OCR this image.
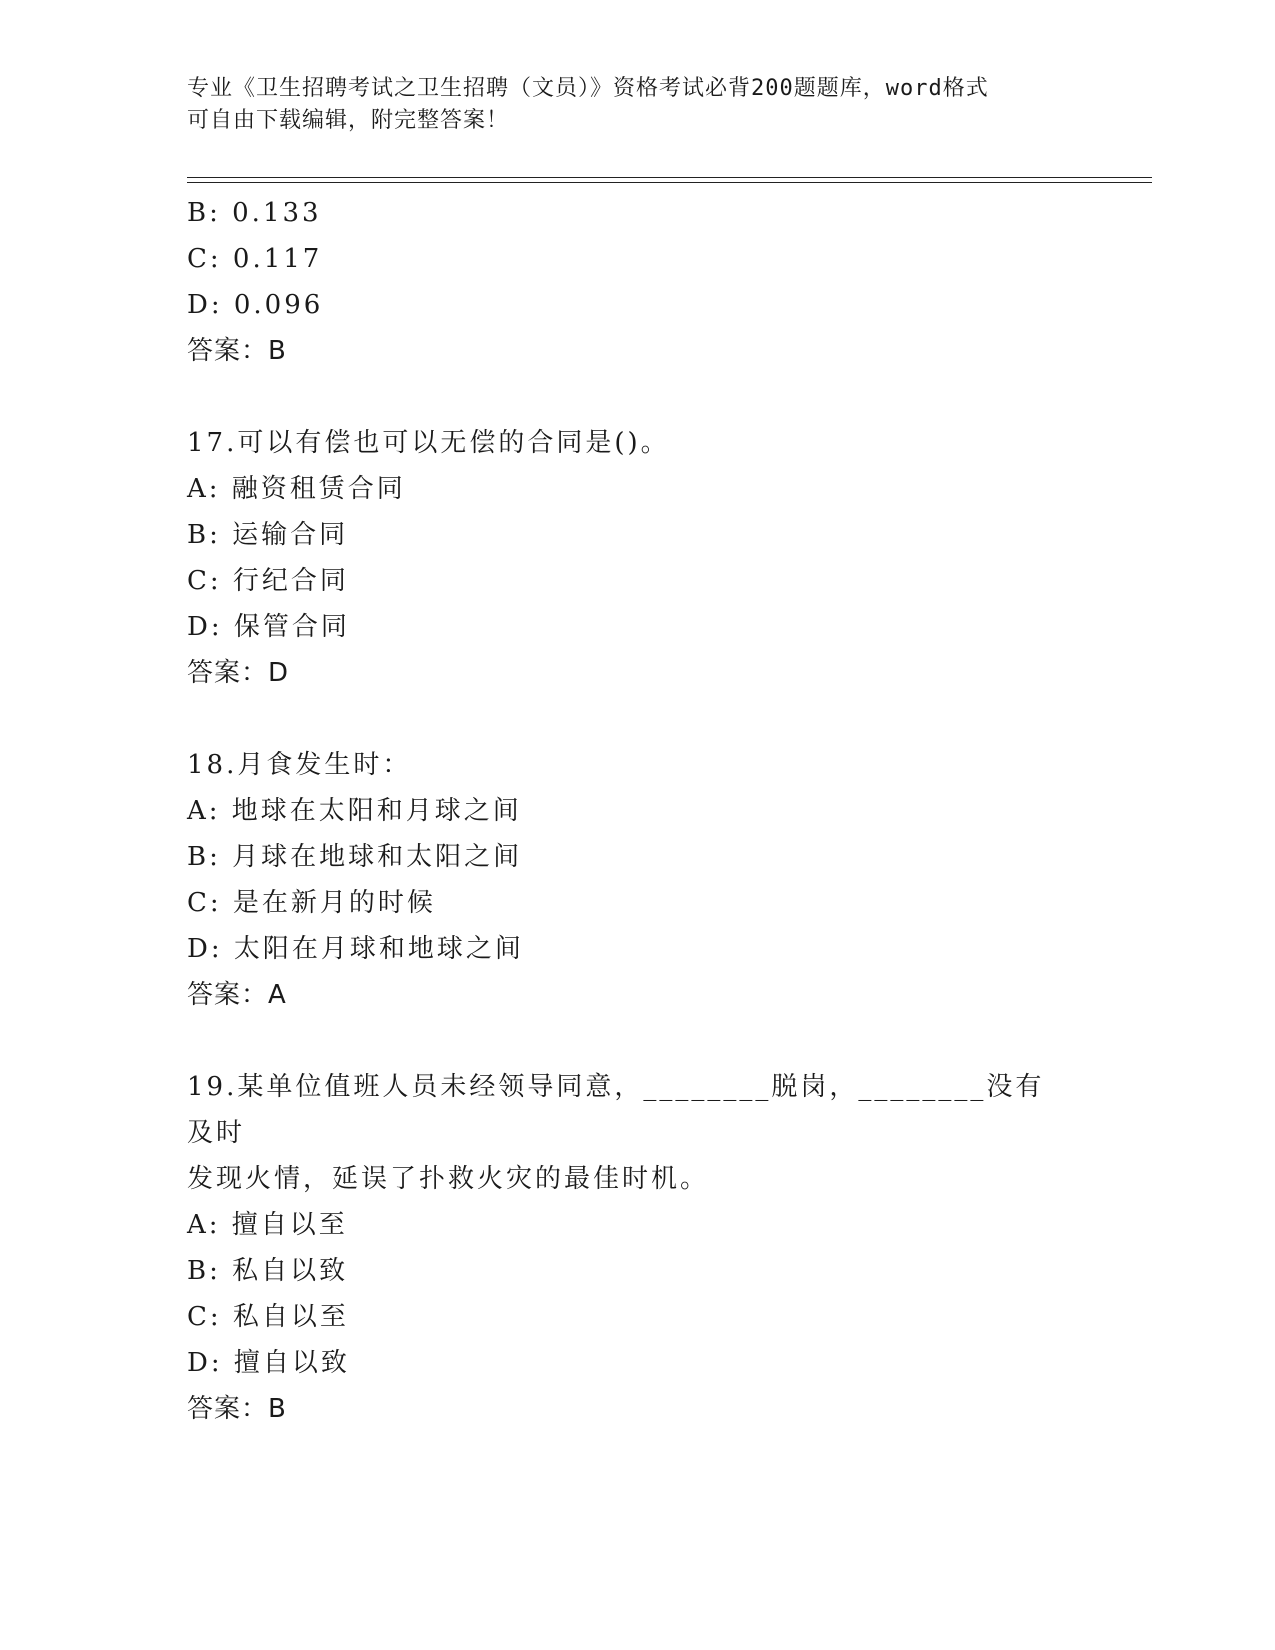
专业《卫生招聘考试之卫生招聘（文员）》资格考试必背200题题库，word格式
可自由下载编辑，附完整答案！
B: 0.133
C: 0.117
D: 0.096
答案：B
17.可以有偿也可以无偿的合同是()。
A: 融资租赁合同
B: 运输合同
C: 行纪合同
D: 保管合同
答案：D
18.月食发生时：
A: 地球在太阳和月球之间
B: 月球在地球和太阳之间
C: 是在新月的时候
D: 太阳在月球和地球之间
答案：A
19.某单位值班人员未经领导同意，________脱岗，________没有及时
发现火情，延误了扑救火灾的最佳时机。
A: 擅自以至
B: 私自以致
C: 私自以至
D: 擅自以致
答案：B
